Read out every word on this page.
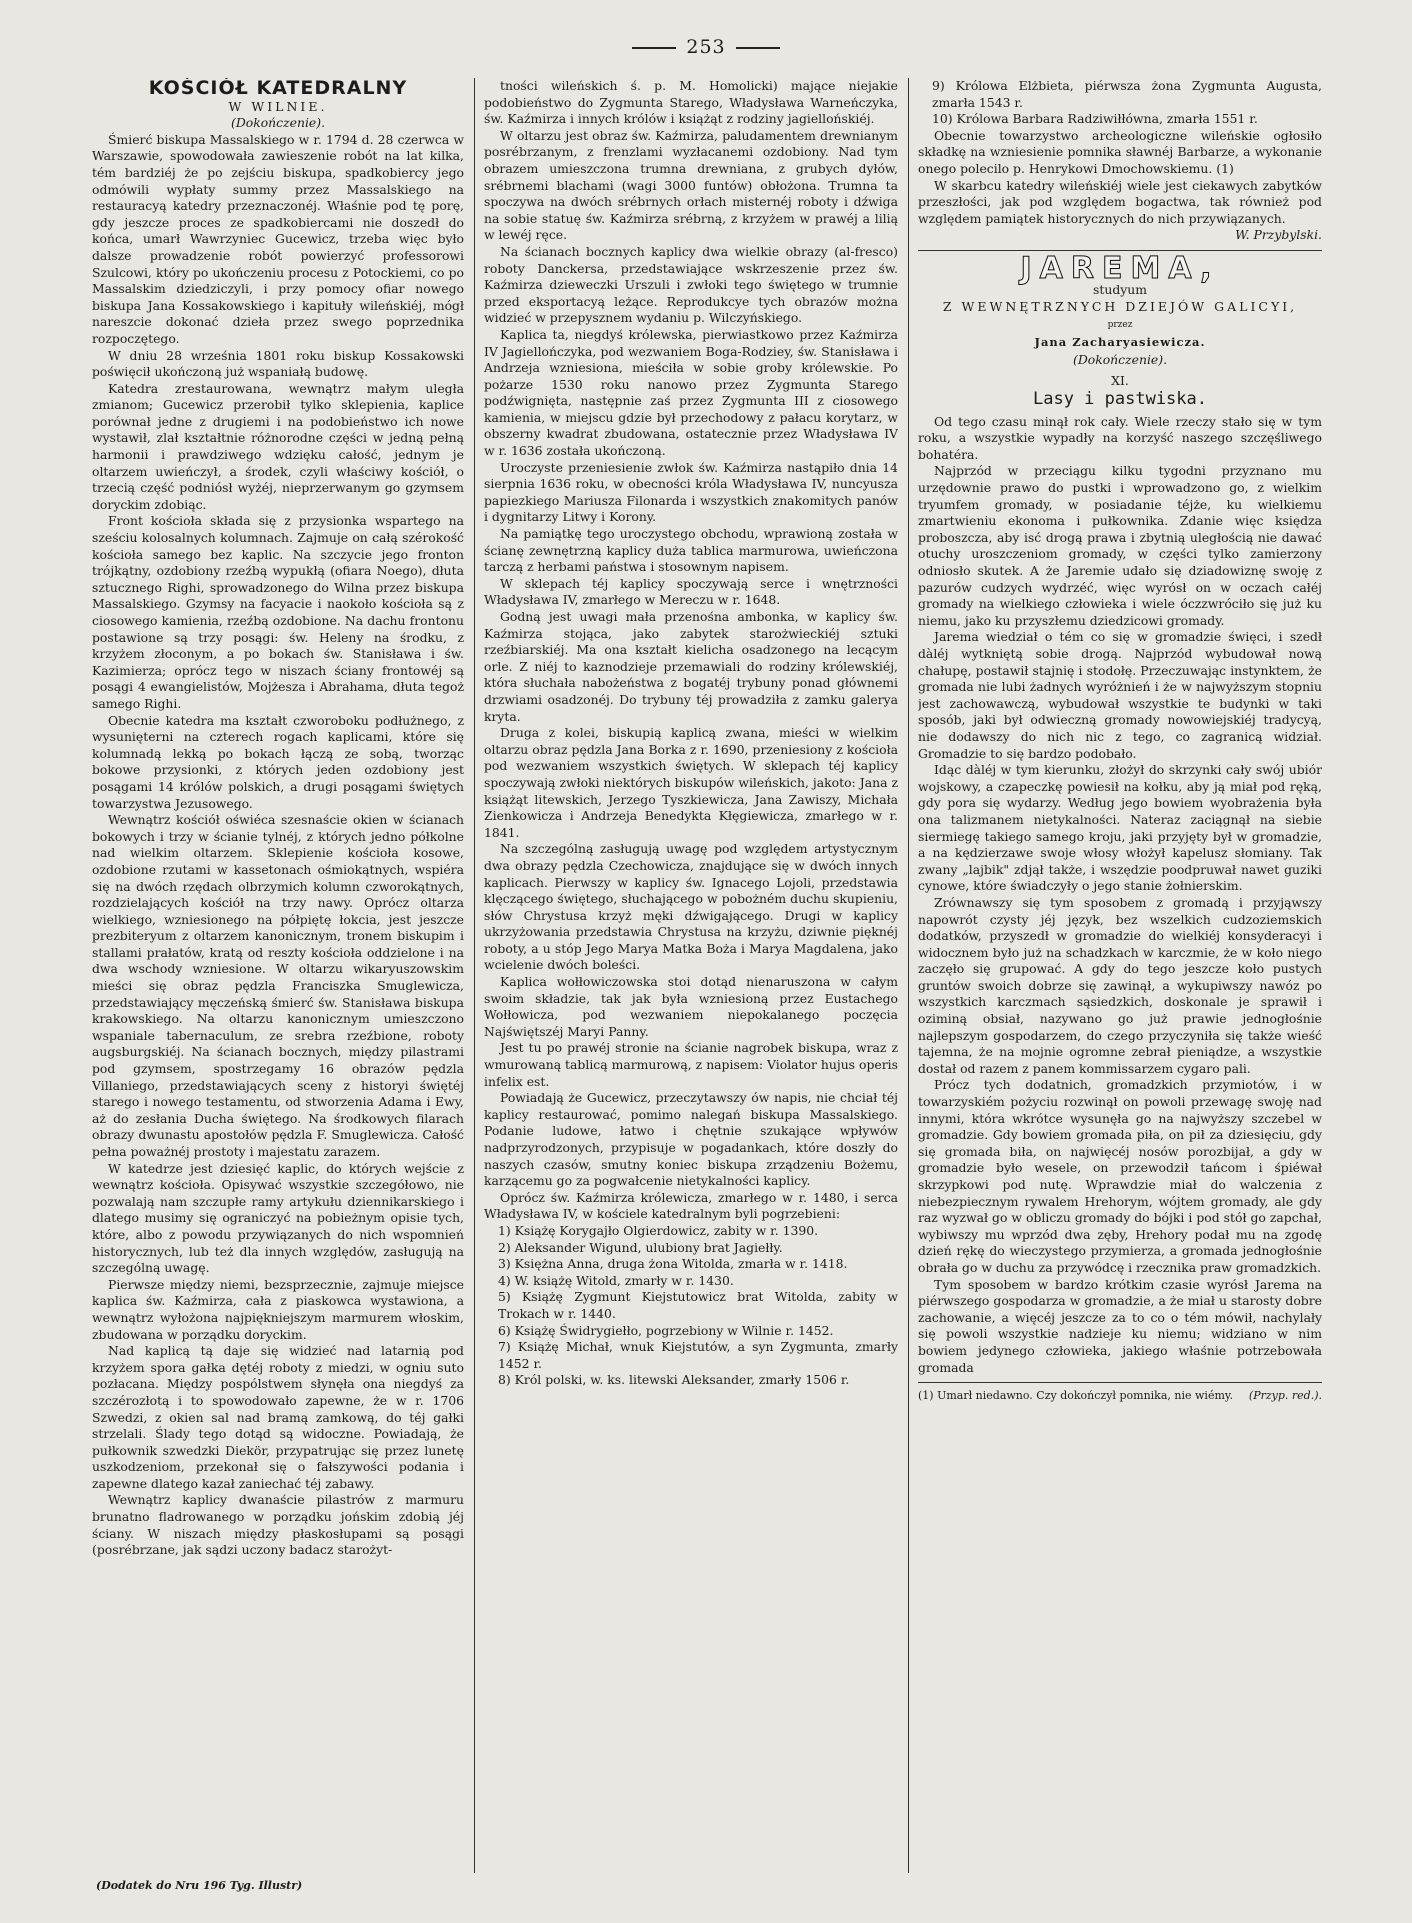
253
KOŚCIÓŁ KATEDRALNY
W WILNIE.
(Dokończenie).

Śmierć biskupa Massalskiego w r. 1794 d. 28 czerwca w Warszawie, spowodowała zawieszenie robót na lat kilka, tém bardziéj że po zejściu biskupa, spadkobiercy jego odmówili wypłaty summy przez Massalskiego na restauracyą katedry przeznaczonéj. Właśnie pod tę porę, gdy jeszcze proces ze spadkobiercami nie doszedł do końca, umarł Wawrzyniec Gucewicz, trzeba więc było dalsze prowadzenie robót powierzyć professorowi Szulcowi, który po ukończeniu procesu z Potockiemi, co po Massalskim dziedziczyli, i przy pomocy ofiar nowego biskupa Jana Kossakowskiego i kapituły wileńskiéj, mógł nareszcie dokonać dzieła przez swego poprzednika rozpoczętego.

W dniu 28 września 1801 roku biskup Kossakowski poświęcił ukończoną już wspaniałą budowę.

Katedra zrestaurowana, wewnątrz małym uległa zmianom; Gucewicz przerobił tylko sklepienia, kaplice porównał jedne z drugiemi i na podobieństwo ich nowe wystawił, zlał kształtnie różnorodne części w jedną pełną harmonii i prawdziwego wdzięku całość, jednym je oltarzem uwieńczył, a środek, czyli właściwy kościół, o trzecią część podniósł wyżéj, nieprzerwanym go gzymsem doryckim zdobiąc.

Front kościoła składa się z przysionka wspartego na sześciu kolosalnych kolumnach. Zajmuje on całą szérokość kościoła samego bez kaplic. Na szczycie jego fronton trójkątny, ozdobiony rzeźbą wypukłą (ofiara Noego), dłuta sztucznego Righi, sprowadzonego do Wilna przez biskupa Massalskiego. Gzymsy na facyacie i naokoło kościoła są z ciosowego kamienia, rzeźbą ozdobione. Na dachu frontonu postawione są trzy posągi: św. Heleny na środku, z krzyżem złoconym, a po bokach św. Stanisława i św. Kazimierza; oprócz tego w niszach ściany frontowéj są posągi 4 ewangielistów, Mojżesza i Abrahama, dłuta tegoż samego Righi.

Obecnie katedra ma kształt czworoboku podłużnego, z wysunięterni na czterech rogach kaplicami, które się kolumnadą lekką po bokach łączą ze sobą, tworząc bokowe przysionki, z których jeden ozdobiony jest posągami 14 królów polskich, a drugi posągami świętych towarzystwa Jezusowego.

Wewnątrz kościół oświéca szesnaście okien w ścianach bokowych i trzy w ścianie tylnéj, z których jedno półkolne nad wielkim oltarzem. Sklepienie kościoła kosowe, ozdobione rzutami w kassetonach ośmiokątnych, wspiéra się na dwóch rzędach olbrzymich kolumn czworokątnych, rozdzielających kościół na trzy nawy. Oprócz oltarza wielkiego, wzniesionego na półpiętę łokcia, jest jeszcze prezbiteryum z oltarzem kanonicznym, tronem biskupim i stallami prałatów, kratą od reszty kościoła oddzielone i na dwa wschody wzniesione. W oltarzu wikaryuszowskim mieści się obraz pędzla Franciszka Smuglewicza, przedstawiający męczeńską śmierć św. Stanisława biskupa krakowskiego. Na oltarzu kanonicznym umieszczono wspaniale tabernaculum, ze srebra rzeźbione, roboty augsburgskiéj. Na ścianach bocznych, między pilastrami pod gzymsem, spostrzegamy 16 obrazów pędzla Villaniego, przedstawiających sceny z historyi świętéj starego i nowego testamentu, od stworzenia Adama i Ewy, aż do zesłania Ducha świętego. Na środkowych filarach obrazy dwunastu apostołów pędzla F. Smuglewicza. Całość pełna poważnéj prostoty i majestatu zarazem.

W katedrze jest dziesięć kaplic, do których wejście z wewnątrz kościoła. Opisywać wszystkie szczegółowo, nie pozwalają nam szczupłe ramy artykułu dziennikarskiego i dlatego musimy się ograniczyć na pobieżnym opisie tych, które, albo z powodu przywiązanych do nich wspomnień historycznych, lub też dla innych względów, zasługują na szczególną uwagę.

Pierwsze między niemi, bezsprzecznie, zajmuje miejsce kaplica św. Kaźmirza, cała z piaskowca wystawiona, a wewnątrz wyłożona najpiękniejszym marmurem włoskim, zbudowana w porządku doryckim.

Nad kaplicą tą daje się widzieć nad latarnią pod krzyżem spora gałka dętéj roboty z miedzi, w ogniu suto pozłacana. Między pospólstwem słynęła ona niegdyś za szczérozłotą i to spowodowało zapewne, że w r. 1706 Szwedzi, z okien sal nad bramą zamkową, do téj gałki strzelali. Ślady tego dotąd są widoczne. Powiadają, że pułkownik szwedzki Diekör, przypatrując się przez lunetę uszkodzeniom, przekonał się o fałszywości podania i zapewne dlatego kazał zaniechać téj zabawy.

Wewnątrz kaplicy dwanaście pilastrów z marmuru brunatno fladrowanego w porządku jońskim zdobią jéj ściany. W niszach między płaskosłupami są posągi (posrébrzane, jak sądzi uczony badacz starożyt-

tności wileńskich ś. p. M. Homolicki) mające niejakie podobieństwo do Zygmunta Starego, Władysława Warneńczyka, św. Kaźmirza i innych królów i książąt z rodziny jagiellońskiéj.

W oltarzu jest obraz św. Kaźmirza, paludamentem drewnianym posrébrzanym, z frenzlami wyzłacanemi ozdobiony. Nad tym obrazem umieszczona trumna drewniana, z grubych dyłów, srébrnemi blachami (wagi 3000 funtów) obłożona. Trumna ta spoczywa na dwóch srébrnych orłach misternéj roboty i dźwiga na sobie statuę św. Kaźmirza srébrną, z krzyżem w prawéj a lilią w lewéj ręce.

Na ścianach bocznych kaplicy dwa wielkie obrazy (al-fresco) roboty Danckersa, przedstawiające wskrzeszenie przez św. Kaźmirza dzieweczki Urszuli i zwłoki tego świętego w trumnie przed eksportacyą leżące. Reprodukcye tych obrazów można widzieć w przepysznem wydaniu p. Wilczyńskiego.

Kaplica ta, niegdyś królewska, pierwiastkowo przez Kaźmirza IV Jagiellończyka, pod wezwaniem Boga-Rodziey, św. Stanisława i Andrzeja wzniesiona, mieściła w sobie groby królewskie. Po pożarze 1530 roku nanowo przez Zygmunta Starego podźwignięta, następnie zaś przez Zygmunta III z ciosowego kamienia, w miejscu gdzie był przechodowy z pałacu korytarz, w obszerny kwadrat zbudowana, ostatecznie przez Władysława IV w r. 1636 została ukończoną.

Uroczyste przeniesienie zwłok św. Kaźmirza nastąpiło dnia 14 sierpnia 1636 roku, w obecności króla Władysława IV, nuncyusza papiezkiego Mariusza Filonarda i wszystkich znakomitych panów i dygnitarzy Litwy i Korony.

Na pamiątkę tego uroczystego obchodu, wprawioną została w ścianę zewnętrzną kaplicy duża tablica marmurowa, uwieńczona tarczą z herbami państwa i stosownym napisem.

W sklepach téj kaplicy spoczywają serce i wnętrzności Władysława IV, zmarłego w Mereczu w r. 1648.

Godną jest uwagi mała przenośna ambonka, w kaplicy św. Kaźmirza stojąca, jako zabytek starożwieckiéj sztuki rzeźbiarskiéj. Ma ona kształt kielicha osadzonego na lecącym orle. Z niéj to kaznodzieje przemawiali do rodziny królewskiéj, która słuchała nabożeństwa z bogatéj trybuny ponad głównemi drzwiami osadzonéj. Do trybuny téj prowadziła z zamku galerya kryta.

Druga z kolei, biskupią kaplicą zwana, mieści w wielkim oltarzu obraz pędzla Jana Borka z r. 1690, przeniesiony z kościoła pod wezwaniem wszystkich świętych. W sklepach téj kaplicy spoczywają zwłoki niektórych biskupów wileńskich, jakoto: Jana z książąt litewskich, Jerzego Tyszkiewicza, Jana Zawiszy, Michała Zienkowicza i Andrzeja Benedykta Kłęgiewicza, zmarłego w r. 1841.

Na szczególną zasługują uwagę pod względem artystycznym dwa obrazy pędzla Czechowicza, znajdujące się w dwóch innych kaplicach. Pierwszy w kaplicy św. Ignacego Lojoli, przedstawia klęczącego świętego, słuchającego w pobożném duchu skupieniu, słów Chrystusa krzyż męki dźwigającego. Drugi w kaplicy ukrzyżowania przedstawia Chrystusa na krzyżu, dziwnie pięknéj roboty, a u stóp Jego Marya Matka Boża i Marya Magdalena, jako wcielenie dwóch boleści.

Kaplica wołłowiczowska stoi dotąd nienaruszona w całym swoim składzie, tak jak była wzniesioną przez Eustachego Wołłowicza, pod wezwaniem niepokalanego poczęcia Najświętszéj Maryi Panny.

Jest tu po prawéj stronie na ścianie nagrobek biskupa, wraz z wmurowaną tablicą marmurową, z napisem: Violator hujus operis infelix est.

Powiadają że Gucewicz, przeczytawszy ów napis, nie chciał téj kaplicy restaurować, pomimo nalegań biskupa Massalskiego. Podanie ludowe, łatwo i chętnie szukające wpływów nadprzyrodzonych, przypisuje w pogadankach, które doszły do naszych czasów, smutny koniec biskupa zrządzeniu Bożemu, karzącemu go za pogwałcenie nietykalności kaplicy.

Oprócz św. Kaźmirza królewicza, zmarłego w r. 1480, i serca Władysława IV, w kościele katedralnym byli pogrzebieni:

1) Książę Korygajło Olgierdowicz, zabity w r. 1390.

2) Aleksander Wigund, ulubiony brat Jagiełły.

3) Księżna Anna, druga żona Witolda, zmarła w r. 1418.

4) W. książę Witold, zmarły w r. 1430.

5) Książę Zygmunt Kiejstutowicz brat Witolda, zabity w Trokach w r. 1440.

6) Książę Świdrygiełło, pogrzebiony w Wilnie r. 1452.

7) Książę Michał, wnuk Kiejstutów, a syn Zygmunta, zmarły 1452 r.

8) Król polski, w. ks. litewski Aleksander, zmarły 1506 r.

9) Królowa Elżbieta, piérwsza żona Zygmunta Augusta, zmarła 1543 r.

10) Królowa Barbara Radziwiłłówna, zmarła 1551 r.

Obecnie towarzystwo archeologiczne wileńskie ogłosiło składkę na wzniesienie pomnika sławnéj Barbarze, a wykonanie onego polecilo p. Henrykowi Dmochowskiemu. (1)

W skarbcu katedry wileńskiéj wiele jest ciekawych zabytków przeszłości, jak pod względem bogactwa, tak również pod względem pamiątek historycznych do nich przywiązanych.

W. Przybylski.
JAREMA,
studyum
Z WEWNĘTRZNYCH DZIEJÓW GALICYI,
przez
Jana Zacharyasiewicza.
(Dokończenie).
XI.
Lasy i pastwiska.

Od tego czasu minął rok cały. Wiele rzeczy stało się w tym roku, a wszystkie wypadły na korzyść naszego szczęśliwego bohatéra.

Najprzód w przeciągu kilku tygodni przyznano mu urzędownie prawo do pustki i wprowadzono go, z wielkim tryumfem gromady, w posiadanie téjże, ku wielkiemu zmartwieniu ekonoma i pułkownika. Zdanie więc księdza proboszcza, aby isć drogą prawa i zbytnią uległością nie dawać otuchy uroszczeniom gromady, w części tylko zamierzony odniosło skutek. A że Jaremie udało się dziadowiznę swoję z pazurów cudzych wydrzéć, więc wyrósł on w oczach całéj gromady na wielkiego człowieka i wiele óczzwróciło się już ku niemu, jako ku przyszłemu dziedzicowi gromady.

Jarema wiedział o tém co się w gromadzie święci, i szedł dàléj wytkniętą sobie drogą. Najprzód wybudował nową chałupę, postawił stajnię i stodołę. Przeczuwając instynktem, że gromada nie lubi żadnych wyróżnień i że w najwyższym stopniu jest zachowawczą, wybudował wszystkie te budynki w taki sposób, jaki był odwieczną gromady nowowiejskiéj tradycyą, nie dodawszy do nich nic z tego, co zagranicą widział. Gromadzie to się bardzo podobało.

Idąc dàléj w tym kierunku, złożył do skrzynki cały swój ubiór wojskowy, a czapeczkę powiesił na kołku, aby ją miał pod ręką, gdy pora się wydarzy. Według jego bowiem wyobrażenia była ona talizmanem nietykalności. Nateraz zaciągnął na siebie siermiegę takiego samego kroju, jaki przyjęty był w gromadzie, a na kędzierzawe swoje włosy włożył kapelusz słomiany. Tak zwany „lajbik" zdjął także, i wszędzie poodpruwał nawet guziki cynowe, które świadczyły o jego stanie żołnierskim.

Zrównawszy się tym sposobem z gromadą i przyjąwszy napowrót czysty jéj język, bez wszelkich cudzoziemskich dodatków, przyszedł w gromadzie do wielkiéj konsyderacyi i widocznem było już na schadzkach w karczmie, że w koło niego zaczęło się grupować. A gdy do tego jeszcze koło pustych gruntów swoich dobrze się zawinął, a wykupiwszy nawóz po wszystkich karczmach sąsiedzkich, doskonale je sprawił i oziminą obsiał, nazywano go już prawie jednogłośnie najlepszym gospodarzem, do czego przyczyniła się także wieść tajemna, że na mojnie ogromne zebrał pieniądze, a wszystkie dostał od razem z panem kommissarzem cygaro pali.

Prócz tych dodatnich, gromadzkich przymiotów, i w towarzyskiém pożyciu rozwinął on powoli przewagę swoję nad innymi, która wkrótce wysunęła go na najwyższy szczebel w gromadzie. Gdy bowiem gromada piła, on pił za dziesięciu, gdy się gromada biła, on najwięcéj nosów porozbijał, a gdy w gromadzie było wesele, on przewodził tańcom i śpiéwał skrzypkowi pod nutę. Wprawdzie miał do walczenia z niebezpiecznym rywalem Hrehorym, wójtem gromady, ale gdy raz wyzwał go w obliczu gromady do bójki i pod stół go zapchał, wybiwszy mu wprzód dwa zęby, Hrehory podał mu na zgodę dzień rękę do wieczystego przymierza, a gromada jednogłośnie obrała go w duchu za przywódcę i rzecznika praw gromadzkich.

Tym sposobem w bardzo krótkim czasie wyrósł Jarema na piérwszego gospodarza w gromadzie, a że miał u starosty dobre zachowanie, a więcéj jeszcze za to co o tém mówił, nachylały się powoli wszystkie nadzieje ku niemu; widziano w nim bowiem jedynego człowieka, jakiego właśnie potrzebowała gromada

(1) Umarł niedawno. Czy dokończył pomnika, nie wiémy. (Przyp. red.).
(Dodatek do Nru 196 Tyg. Illustr)
